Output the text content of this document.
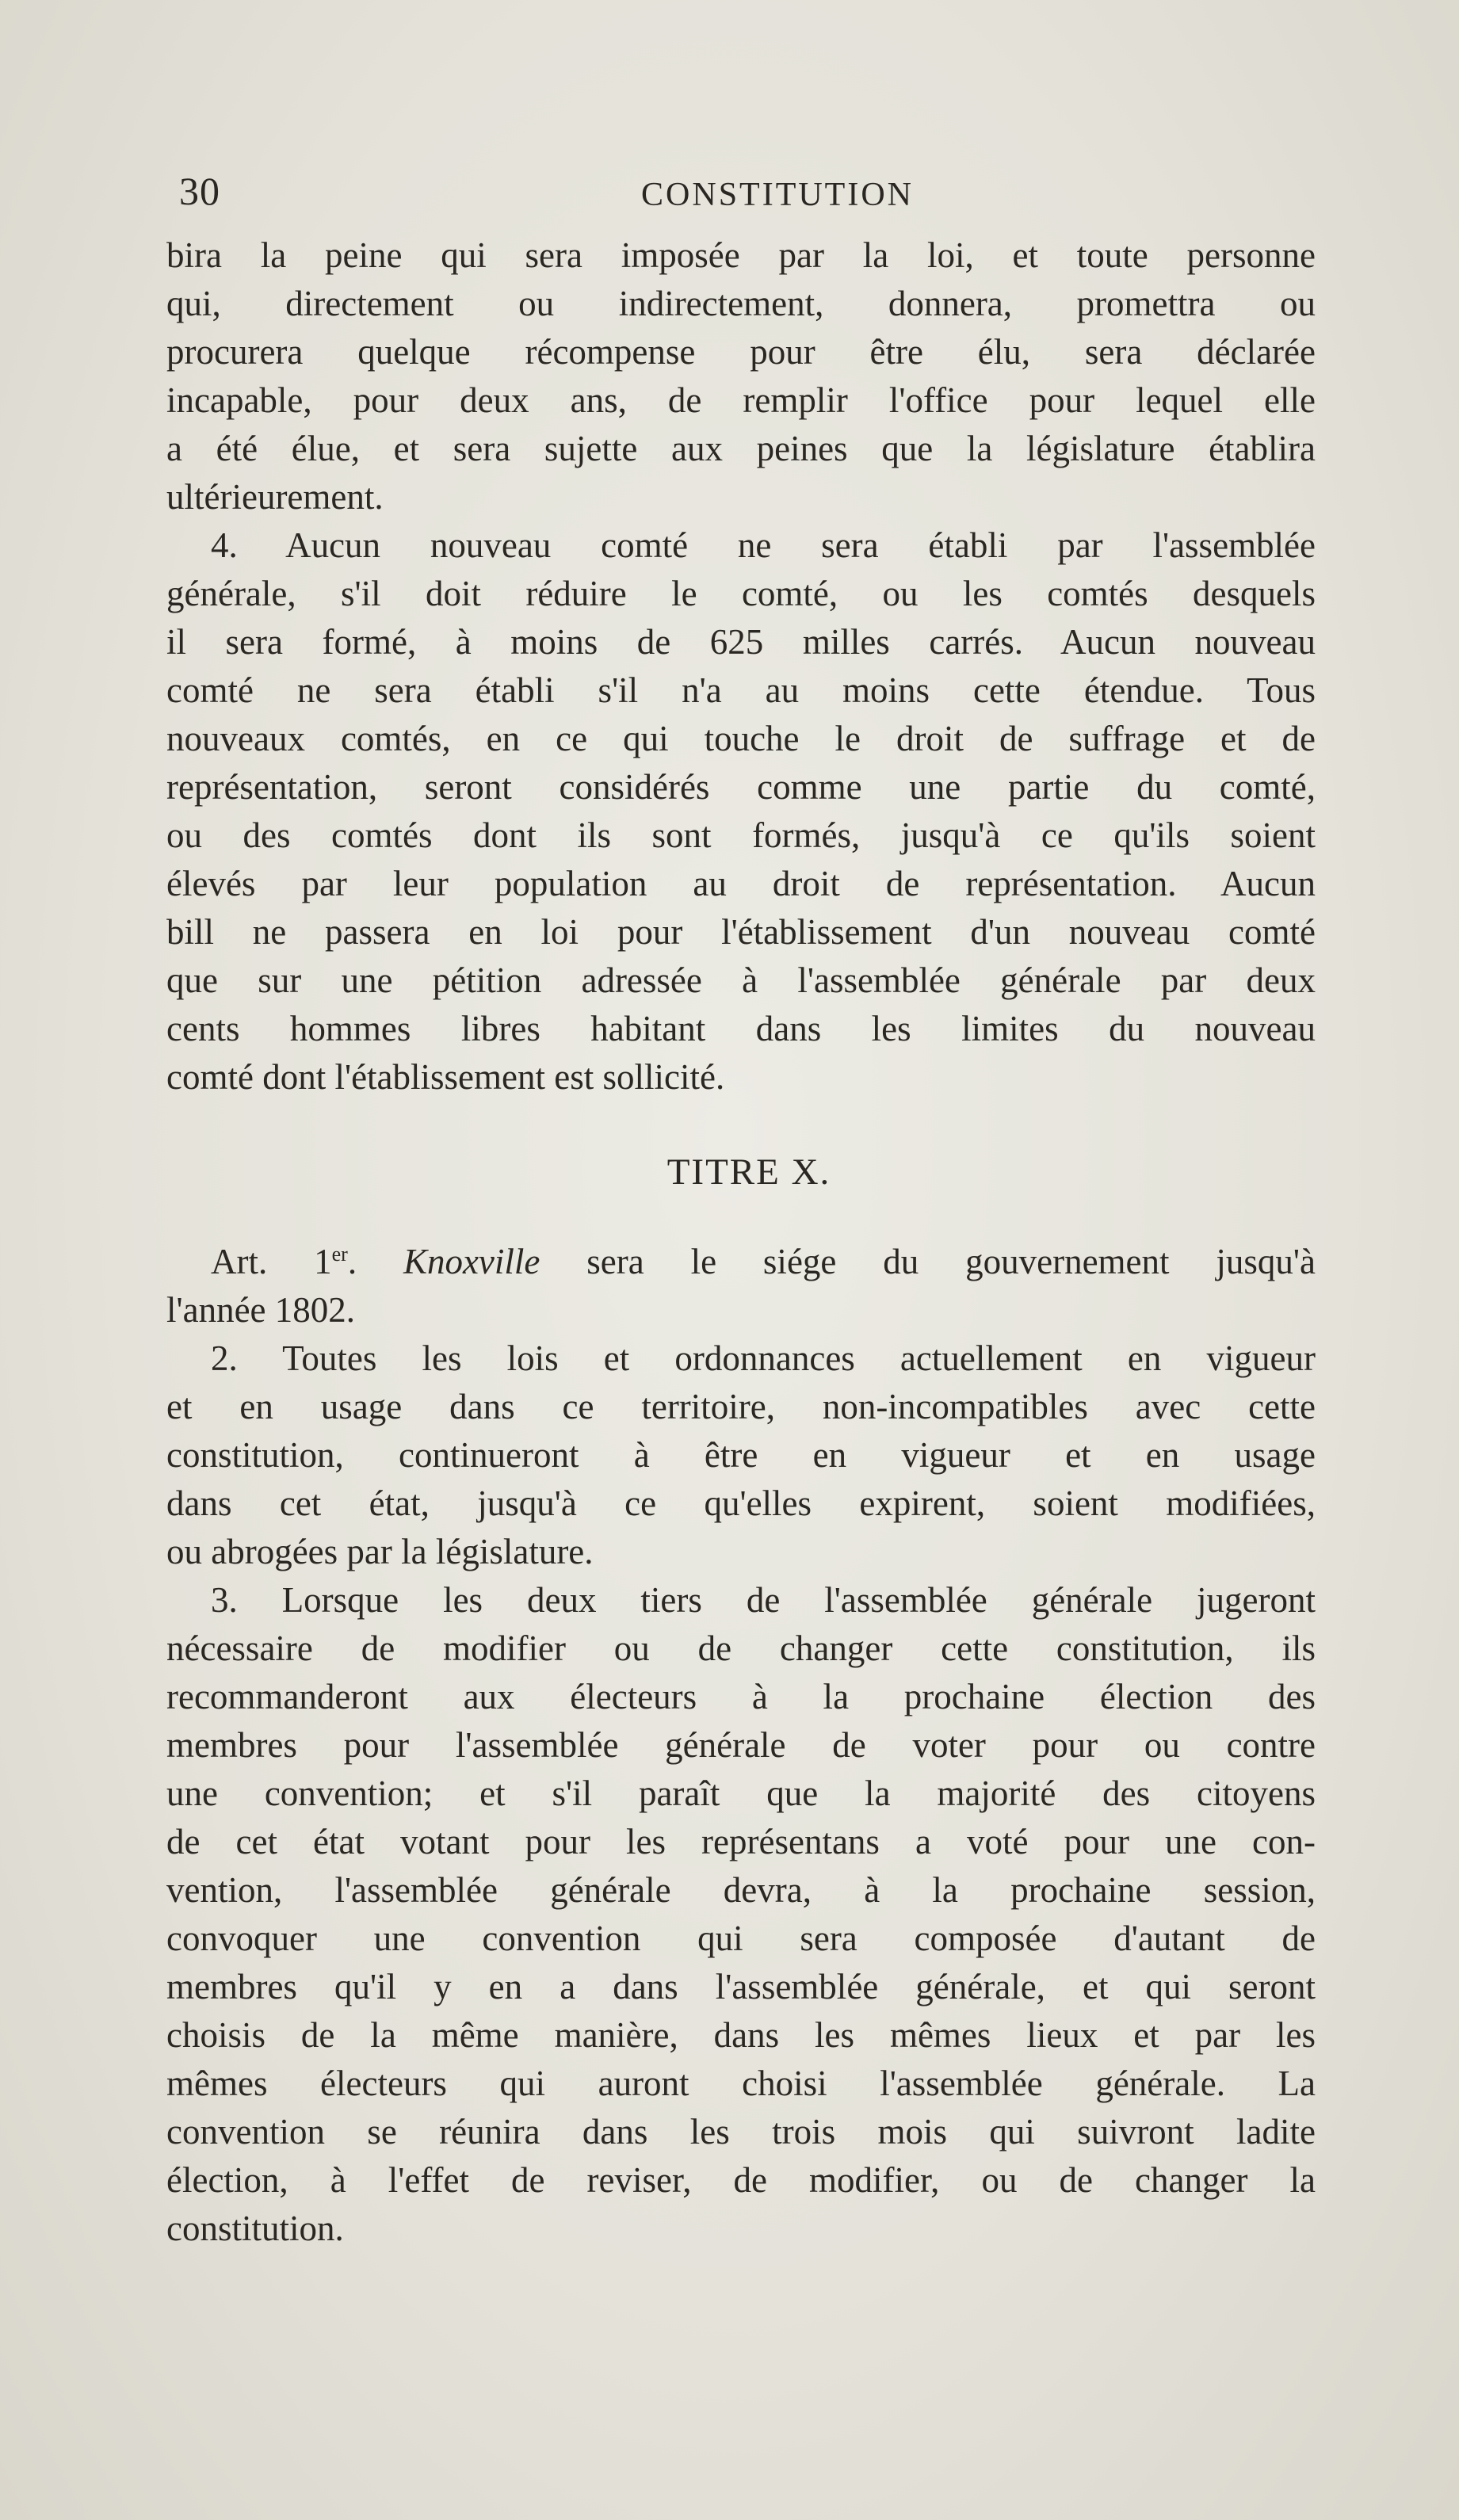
30	CONSTITUTION
bira la peine qui sera imposée par la loi, et toute personne
qui, directement ou indirectement, donnera, promettra ou
procurera quelque récompense pour être élu, sera déclarée
incapable, pour deux ans, de remplir l'office pour lequel elle
a été élue, et sera sujette aux peines que la législature établira
ultérieurement.
4. Aucun nouveau comté ne sera établi par l'assemblée
générale, s'il doit réduire le comté, ou les comtés desquels
il sera formé, à moins de 625 milles carrés. Aucun nouveau
comté ne sera établi s'il n'a au moins cette étendue. Tous
nouveaux comtés, en ce qui touche le droit de suffrage et de
représentation, seront considérés comme une partie du comté,
ou des comtés dont ils sont formés, jusqu'à ce qu'ils soient
élevés par leur population au droit de représentation. Aucun
bill ne passera en loi pour l'établissement d'un nouveau comté
que sur une pétition adressée à l'assemblée générale par deux
cents hommes libres habitant dans les limites du nouveau
comté dont l'établissement est sollicité.
TITRE X.
Art. 1er. Knoxville sera le siége du gouvernement jusqu'à
l'année 1802.
2. Toutes les lois et ordonnances actuellement en vigueur
et en usage dans ce territoire, non-incompatibles avec cette
constitution, continueront à être en vigueur et en usage
dans cet état, jusqu'à ce qu'elles expirent, soient modifiées,
ou abrogées par la législature.
3. Lorsque les deux tiers de l'assemblée générale jugeront
nécessaire de modifier ou de changer cette constitution, ils
recommanderont aux électeurs à la prochaine élection des
membres pour l'assemblée générale de voter pour ou contre
une convention; et s'il paraît que la majorité des citoyens
de cet état votant pour les représentans a voté pour une con-
vention, l'assemblée générale devra, à la prochaine session,
convoquer une convention qui sera composée d'autant de
membres qu'il y en a dans l'assemblée générale, et qui seront
choisis de la même manière, dans les mêmes lieux et par les
mêmes électeurs qui auront choisi l'assemblée générale. La
convention se réunira dans les trois mois qui suivront ladite
élection, à l'effet de reviser, de modifier, ou de changer la
constitution.
